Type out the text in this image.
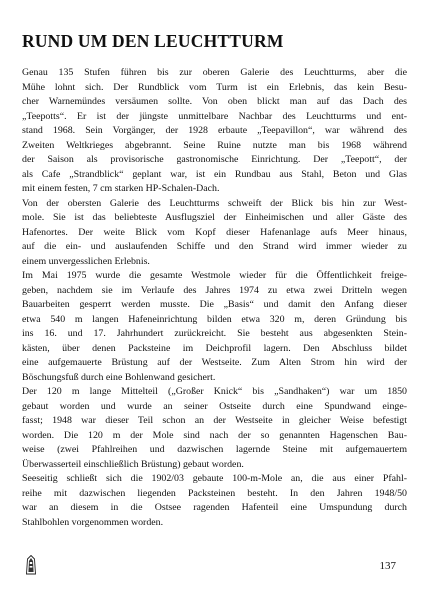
RUND UM DEN LEUCHTTURM
Genau 135 Stufen führen bis zur oberen Galerie des Leuchtturms, aber die
Mühe lohnt sich. Der Rundblick vom Turm ist ein Erlebnis, das kein Besu-
cher Warnemündes versäumen sollte. Von oben blickt man auf das Dach des
„Teepotts“. Er ist der jüngste unmittelbare Nachbar des Leuchtturms und ent-
stand 1968. Sein Vorgänger, der 1928 erbaute „Teepavillon“, war während des
Zweiten Weltkrieges abgebrannt. Seine Ruine nutzte man bis 1968 während
der Saison als provisorische gastronomische Einrichtung. Der „Teepott“, der
als Cafe „Strandblick“ geplant war, ist ein Rundbau aus Stahl, Beton und Glas
mit einem festen, 7 cm starken HP-Schalen-Dach.
Von der obersten Galerie des Leuchtturms schweift der Blick bis hin zur West-
mole. Sie ist das beliebteste Ausflugsziel der Einheimischen und aller Gäste des
Hafenortes. Der weite Blick vom Kopf dieser Hafenanlage aufs Meer hinaus,
auf die ein- und auslaufenden Schiffe und den Strand wird immer wieder zu
einem unvergesslichen Erlebnis.
Im Mai 1975 wurde die gesamte Westmole wieder für die Öffentlichkeit freige-
geben, nachdem sie im Verlaufe des Jahres 1974 zu etwa zwei Dritteln wegen
Bauarbeiten gesperrt werden musste. Die „Basis“ und damit den Anfang dieser
etwa 540 m langen Hafeneinrichtung bilden etwa 320 m, deren Gründung bis
ins 16. und 17. Jahrhundert zurückreicht. Sie besteht aus abgesenkten Stein-
kästen, über denen Packsteine im Deichprofil lagern. Den Abschluss bildet
eine aufgemauerte Brüstung auf der Westseite. Zum Alten Strom hin wird der
Böschungsfuß durch eine Bohlenwand gesichert.
Der 120 m lange Mittelteil („Großer Knick“ bis „Sandhaken“) war um 1850
gebaut worden und wurde an seiner Ostseite durch eine Spundwand einge-
fasst; 1948 war dieser Teil schon an der Westseite in gleicher Weise befestigt
worden. Die 120 m der Mole sind nach der so genannten Hagenschen Bau-
weise (zwei Pfahlreihen und dazwischen lagernde Steine mit aufgemauertem
Überwasserteil einschließlich Brüstung) gebaut worden.
Seeseitig schließt sich die 1902/03 gebaute 100-m-Mole an, die aus einer Pfahl-
reihe mit dazwischen liegenden Packsteinen besteht. In den Jahren 1948/50
war an diesem in die Ostsee ragenden Hafenteil eine Umspundung durch
Stahlbohlen vorgenommen worden.
137
